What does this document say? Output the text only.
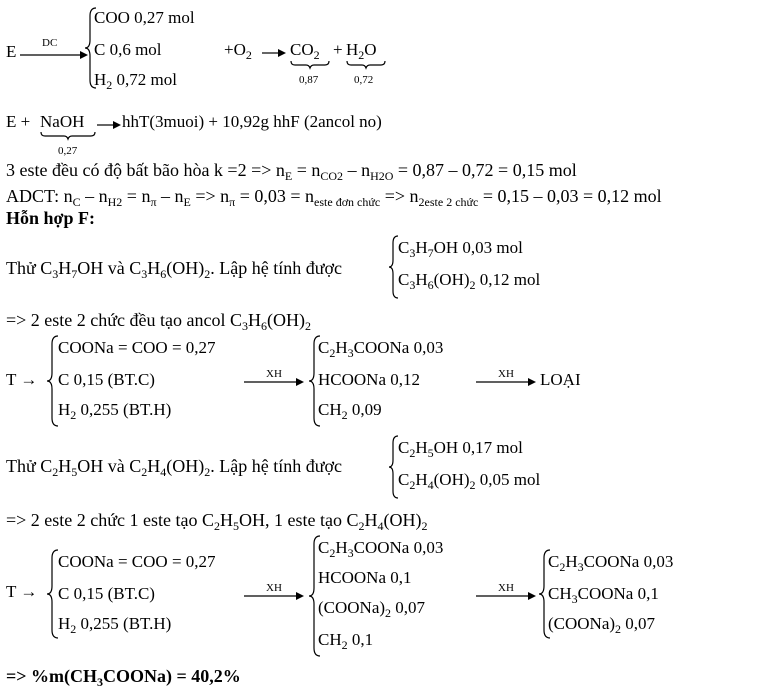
E DC
COO 0,27 mol
C 0,6 mol
$H_2$ 0,72 mol
$+O_2$ $CO_2$
0,87
+ $H_2O$
0,72
E + NaOH
0,27
hhT(3muoi) + 10,92g hhF (2ancol no)
3 este đều có độ bất bão hòa $k =2 => n_E = n_{CO2} - n_{H2O} = 0,87 - 0,72 = 0,15$ mol
ADCT: $n_C - n_{H2} = n_\pi - n_E => n_\pi = 0,03 = n_{este đơn chức} => n_{2este 2 chức} = 0,15 - 0,03 = 0,12$ mol
Hỗn hợp F:
Thử $C_3H_7OH$ và $C_3H_6(OH)_2$. Lập hệ tính được
$C_3H_7OH$ 0,03 mol
$C_3H_6(OH)_2$ 0,12 mol
=> 2 este 2 chức đều tạo ancol $C_3H_6(OH)_2$
T →
COONa = COO = 0,27
C 0,15 (BT.C)
$H_2$ 0,255 (BT.H)
XH
$C_2H_3COONa$ 0,03
HCOONa 0,12
$CH_2$ 0,09
XH LOẠI
Thử $C_2H_5OH$ và $C_2H_4(OH)_2$. Lập hệ tính được
$C_2H_5OH$ 0,17 mol
$C_2H_4(OH)_2$ 0,05 mol
=> 2 este 2 chức 1 este tạo $C_2H_5OH$, 1 este tạo $C_2H_4(OH)_2$
T →
COONa = COO = 0,27
C 0,15 (BT.C)
$H_2$ 0,255 (BT.H)
XH
$C_2H_3COONa$ 0,03
HCOONa 0,1
$(COONa)_2$ 0,07
$CH_2$ 0,1
XH
$C_2H_3COONa$ 0,03
$CH_3COONa$ 0,1
$(COONa)_2$ 0,07
=> $\%m(CH_3COONa) = 40,2\%$
